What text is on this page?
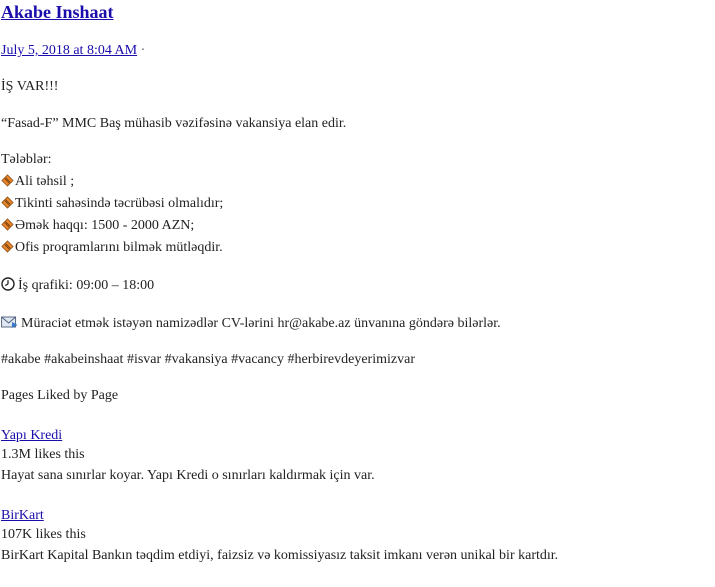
Akabe Inshaat
July 5, 2018 at 8:04 AM ·
İŞ VAR!!!
“Fasad-F” MMC Baş mühasib vəzifəsinə vakansiya elan edir.
Tələblər:
Ali təhsil ;
Tikinti sahəsində təcrübəsi olmalıdır;
Əmək haqqı: 1500 - 2000 AZN;
Ofis proqramlarını bilmək mütləqdir.
İş qrafiki: 09:00 – 18:00
Müraciət etmək istəyən namizədlər CV-lərini hr@akabe.az ünvanına göndərə bilərlər.
#akabe #akabeinshaat #isvar #vakansiya #vacancy #herbirevdeyerimizvar
Pages Liked by Page
Yapı Kredi
1.3M likes this
Hayat sana sınırlar koyar. Yapı Kredi o sınırları kaldırmak için var.
BirKart
107K likes this
BirKart Kapital Bankın təqdim etdiyi, faizsiz və komissiyasız taksit imkanı verən unikal bir kartdır.
